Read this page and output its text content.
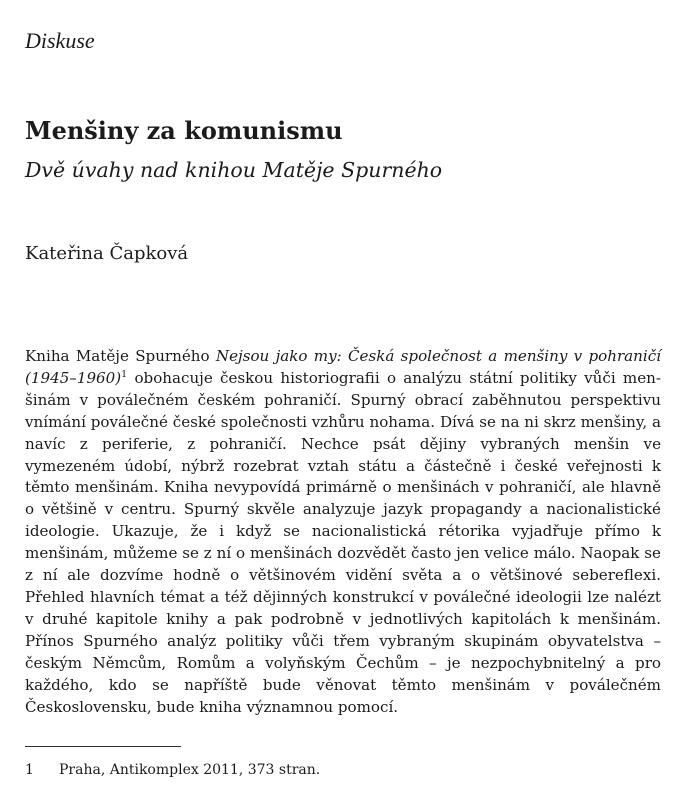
Diskuse
Menšiny za komunismu
Dvě úvahy nad knihou Matěje Spurného
Kateřina Čapková

Kniha Matěje Spurného Nejsou jako my: Česká společnost a menšiny v pohraničí (1945–1960)$^1$ obohacuje českou historiografii o analýzu státní politiky vůči menšinám v poválečném českém pohraničí. Spurný obrací zaběhnutou perspektivu vnímání poválečné české společnosti vzhůru nohama. Dívá se na ni skrz menšiny, a navíc z periferie, z pohraničí. Nechce psát dějiny vybraných menšin ve vymezeném údobí, nýbrž rozebrat vztah státu a částečně i české veřejnosti k těmto menšinám. Kniha nevypovídá primárně o menšinách v pohraničí, ale hlavně o většině v centru. Spurný skvěle analyzuje jazyk propagandy a nacionalistické ideologie. Ukazuje, že i když se nacionalistická rétorika vyjadřuje přímo k menšinám, můžeme se z ní o menšinách dozvědět často jen velice málo. Naopak se z ní ale dozvíme hodně o většinovém vidění světa a o většinové sebereflexi. Přehled hlavních témat a též dějinných konstrukcí v poválečné ideologii lze nalézt v druhé kapitole knihy a pak podrobně v jednotlivých kapitolách k menšinám. Přínos Spurného analýz politiky vůči třem vybraným skupinám obyvatelstva – českým Němcům, Romům a volyňským Čechům – je nezpochybnitelný a pro každého, kdo se napříště bude věnovat těmto menšinám v poválečném Československu, bude kniha významnou pomocí.

1 Praha, Antikomplex 2011, 373 stran.
